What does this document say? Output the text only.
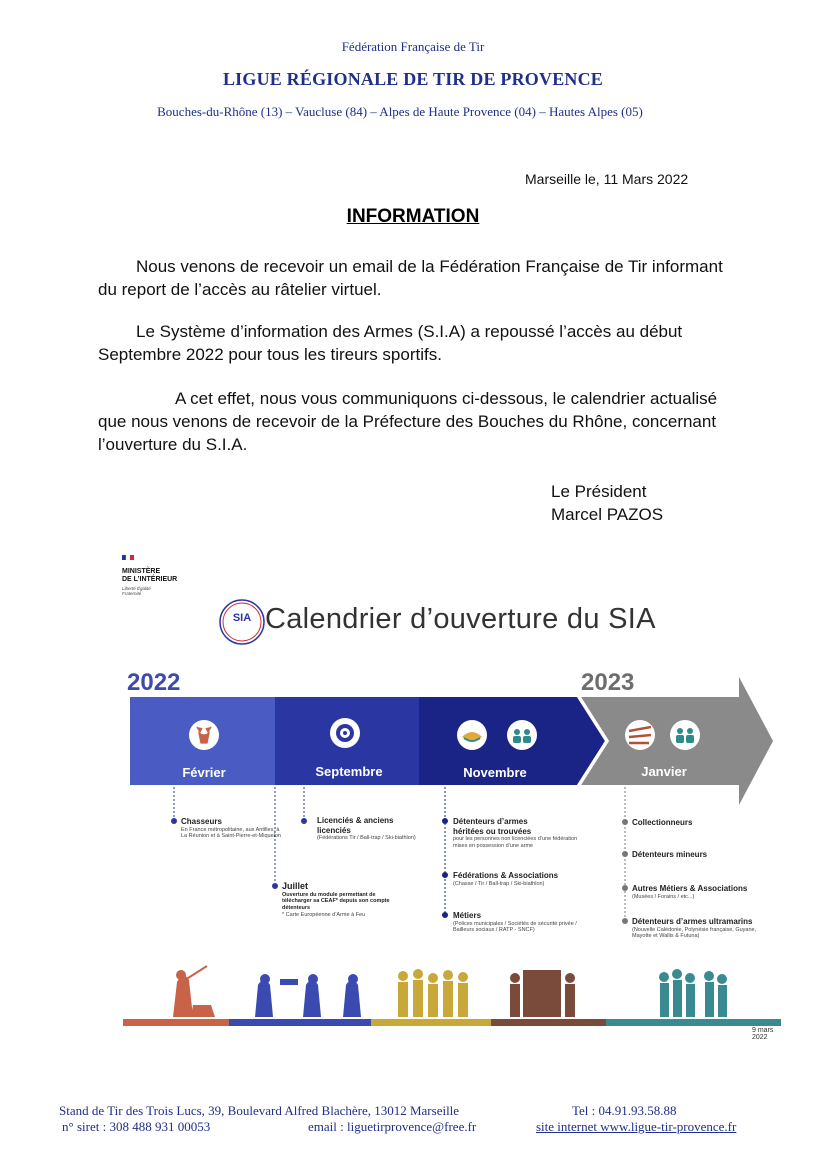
Fédération Française de Tir
LIGUE RÉGIONALE DE TIR DE PROVENCE
Bouches-du-Rhône (13) – Vaucluse (84) – Alpes de Haute Provence (04) – Hautes Alpes (05)
Marseille le, 11 Mars 2022
INFORMATION
Nous venons de recevoir un email de la Fédération Française de Tir informant du report de l’accès au râtelier virtuel.
Le Système d’information des Armes (S.I.A) a repoussé l’accès au début Septembre 2022 pour tous les tireurs sportifs.
A cet effet, nous vous communiquons ci-dessous, le calendrier actualisé que nous venons de recevoir de la Préfecture des Bouches du Rhône, concernant l’ouverture du S.I.A.
Le Président
Marcel PAZOS
MINISTÈRE
DE L’INTÉRIEUR
Liberté Égalité Fraternité
SIA Calendrier d’ouverture du SIA
2022	2023
Février	Septembre	Novembre	Janvier
Chasseurs
En France métropolitaine, aux Antilles, à La Réunion et à Saint-Pierre-et-Miquelon
Juillet
Ouverture du module permettant de télécharger sa CEAF* depuis son compte détenteurs
* Carte Européenne d’Arme à Feu
Licenciés & anciens licenciés
(Fédérations Tir / Ball-trap / Ski-biathlon)
Détenteurs d’armes héritées ou trouvées
pour les personnes non licenciées d’une fédération mises en possession d’une arme
Fédérations & Associations
(Chasse / Tir / Ball-trap / Ski-biathlon)
Métiers
(Polices municipales / Sociétés de sécurité privée / Bailleurs sociaux / RATP - SNCF)
Collectionneurs
Détenteurs mineurs
Autres Métiers & Associations
(Musées / Forains / etc...)
Détenteurs d’armes ultramarins
(Nouvelle Calédonie, Polynésie française, Guyane, Mayotte et Wallis & Futuna)
9 mars 2022
Stand de Tir des Trois Lucs, 39, Boulevard Alfred Blachère, 13012 Marseille	Tel : 04.91.93.58.88
n° siret : 308 488 931 00053	email : liguetirprovence@free.fr	site internet www.ligue-tir-provence.fr
